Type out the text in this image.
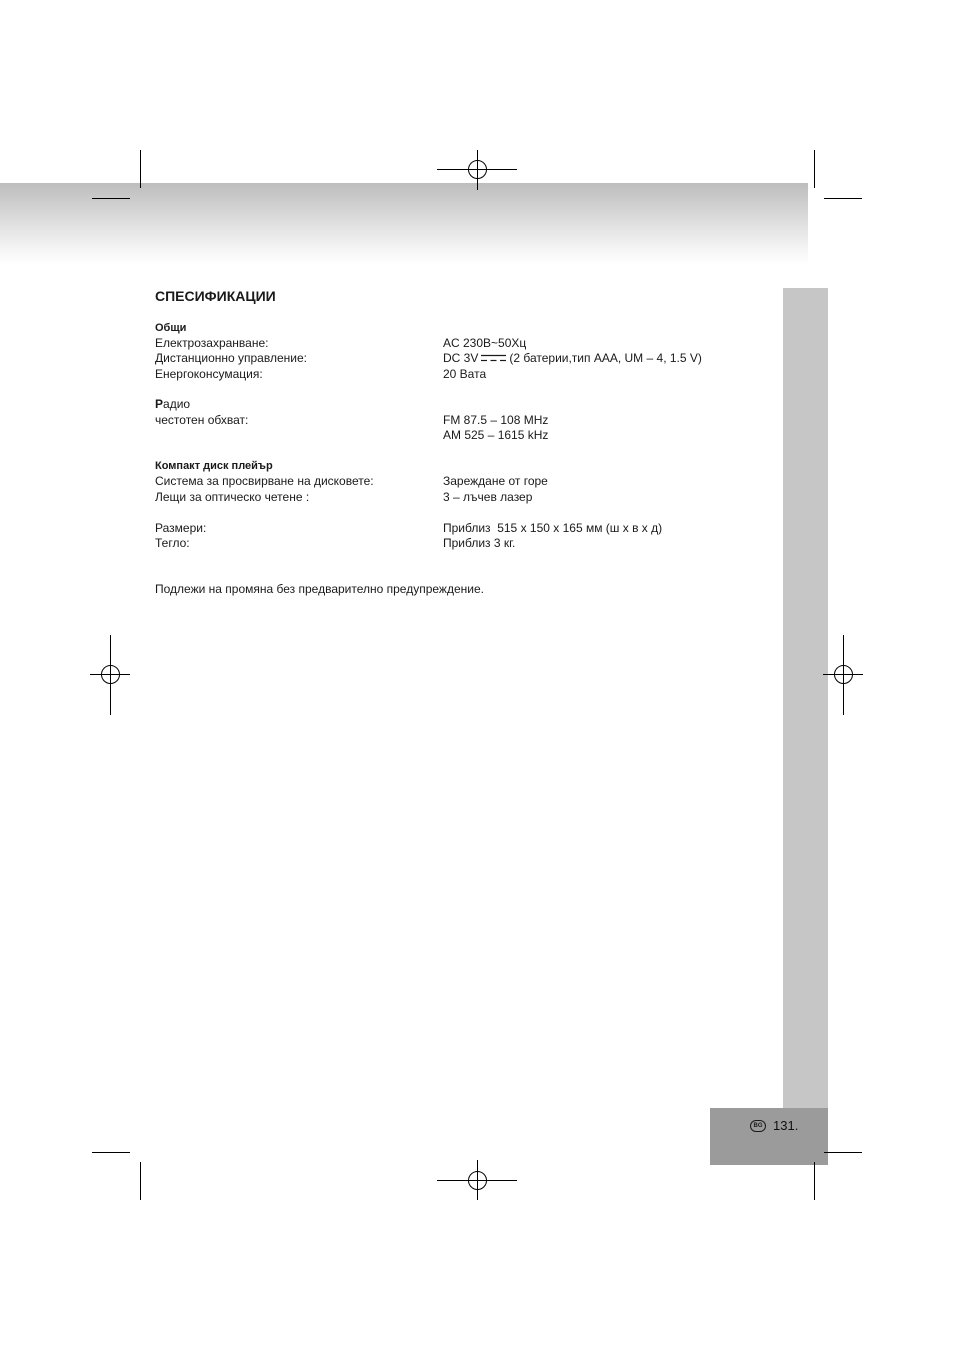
BG 131.
СПЕСИФИКАЦИИ
Общи
Електрозахранване:	AC 230В~50Хц
Дистанционно управление:	DC 3V	(2 батерии,тип AAA, UM – 4, 1.5 V)
Енергоконсумация:	20 Вата
Радио
честотен обхват:	FM 87.5 – 108 MHz
AM 525 – 1615 kHz
Компакт диск плейър
Система за просвирване на дисковете:	Зареждане от горе
Лещи за оптическо четене :	3 – лъчев лазер
Размери:	Приблиз  515 x 150 x 165 мм (ш x в x д)
Тегло:	Приблиз 3 кг.
Подлежи на промяна без предварително предупреждение.
